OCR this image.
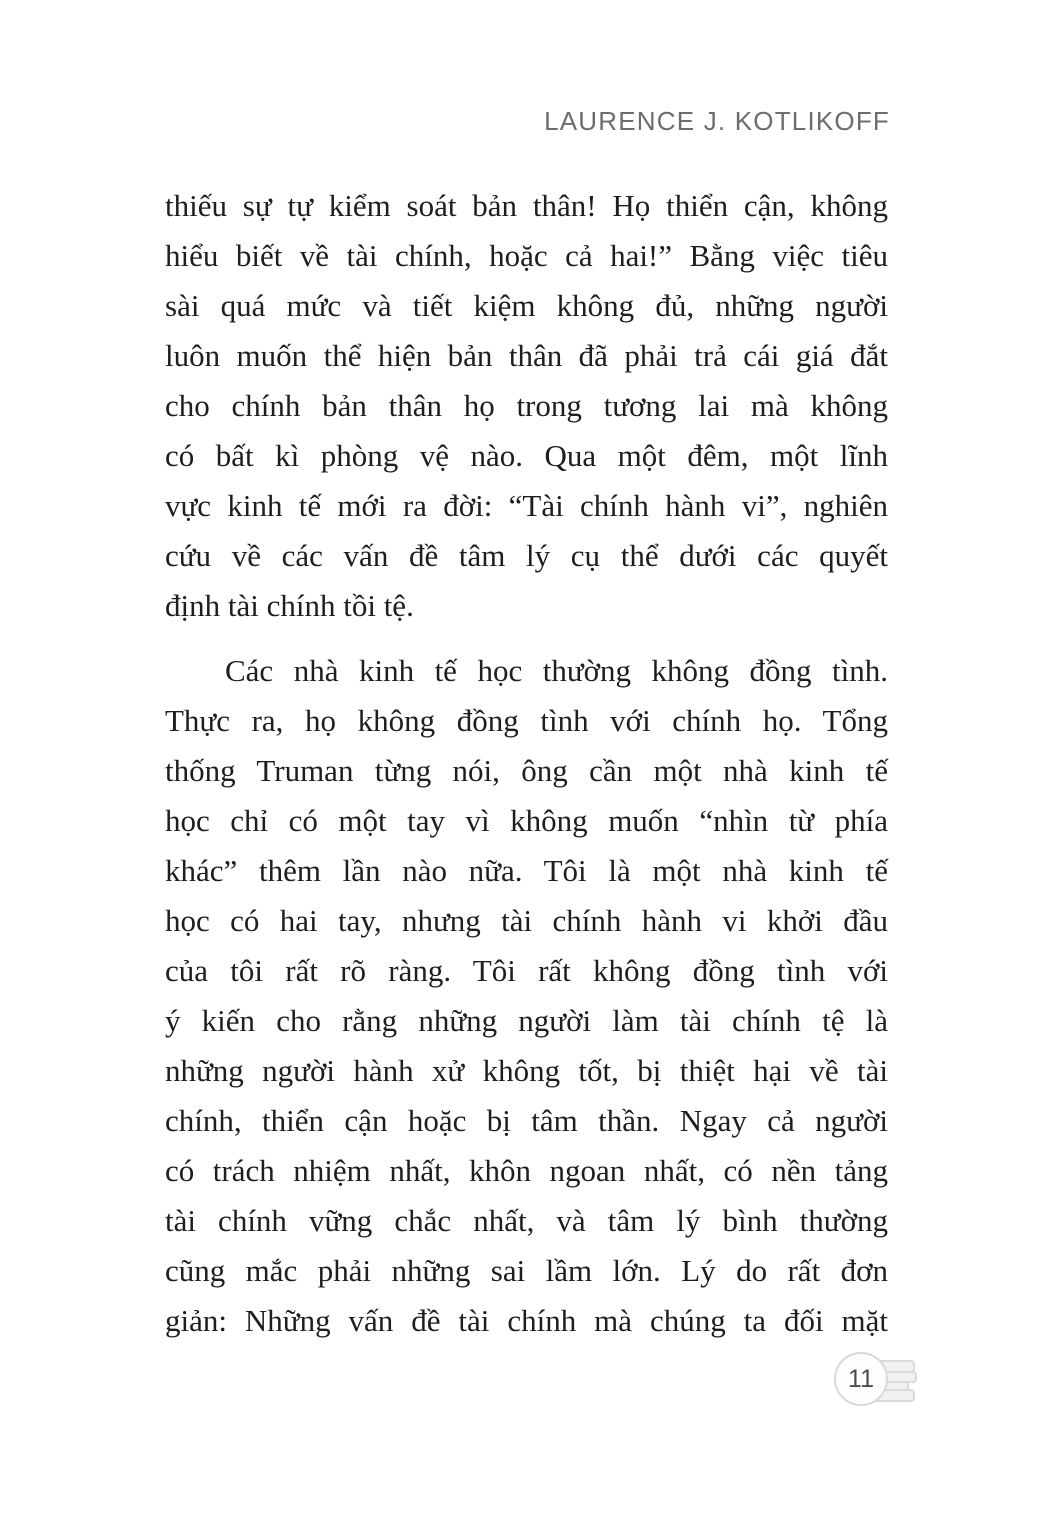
LAURENCE J. KOTLIKOFF
thiếu sự tự kiểm soát bản thân! Họ thiển cận, không
hiểu biết về tài chính, hoặc cả hai!” Bằng việc tiêu
sài quá mức và tiết kiệm không đủ, những người
luôn muốn thể hiện bản thân đã phải trả cái giá đắt
cho chính bản thân họ trong tương lai mà không
có bất kì phòng vệ nào. Qua một đêm, một lĩnh
vực kinh tế mới ra đời: “Tài chính hành vi”, nghiên
cứu về các vấn đề tâm lý cụ thể dưới các quyết
định tài chính tồi tệ.
Các nhà kinh tế học thường không đồng tình.
Thực ra, họ không đồng tình với chính họ. Tổng
thống Truman từng nói, ông cần một nhà kinh tế
học chỉ có một tay vì không muốn “nhìn từ phía
khác” thêm lần nào nữa. Tôi là một nhà kinh tế
học có hai tay, nhưng tài chính hành vi khởi đầu
của tôi rất rõ ràng. Tôi rất không đồng tình với
ý kiến cho rằng những người làm tài chính tệ là
những người hành xử không tốt, bị thiệt hại về tài
chính, thiển cận hoặc bị tâm thần. Ngay cả người
có trách nhiệm nhất, khôn ngoan nhất, có nền tảng
tài chính vững chắc nhất, và tâm lý bình thường
cũng mắc phải những sai lầm lớn. Lý do rất đơn
giản: Những vấn đề tài chính mà chúng ta đối mặt
11
